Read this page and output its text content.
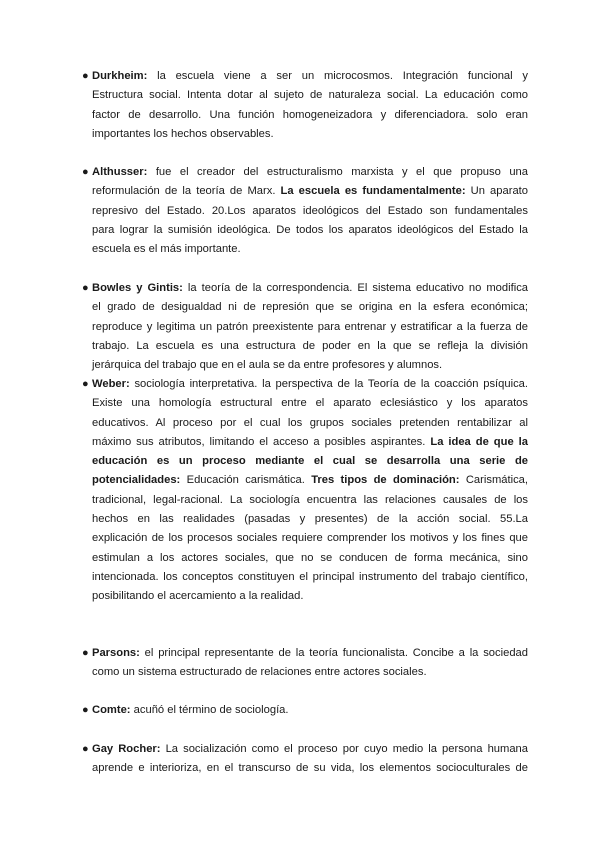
● Durkheim: la escuela viene a ser un microcosmos. Integración funcional y
Estructura social. Intenta dotar al sujeto de naturaleza social. La educación como
factor de desarrollo. Una función homogeneizadora y diferenciadora. solo eran
importantes los hechos observables.
● Althusser: fue el creador del estructuralismo marxista y el que propuso una
reformulación de la teoría de Marx. La escuela es fundamentalmente: Un aparato
represivo del Estado. 20.Los aparatos ideológicos del Estado son fundamentales
para lograr la sumisión ideológica. De todos los aparatos ideológicos del Estado la
escuela es el más importante.
● Bowles y Gintis: la teoría de la correspondencia. El sistema educativo no modifica
el grado de desigualdad ni de represión que se origina en la esfera económica;
reproduce y legitima un patrón preexistente para entrenar y estratificar a la fuerza de
trabajo. La escuela es una estructura de poder en la que se refleja la división
jerárquica del trabajo que en el aula se da entre profesores y alumnos.
● Weber: sociología interpretativa. la perspectiva de la Teoría de la coacción psíquica.
Existe una homología estructural entre el aparato eclesiástico y los aparatos
educativos. Al proceso por el cual los grupos sociales pretenden rentabilizar al
máximo sus atributos, limitando el acceso a posibles aspirantes. La idea de que la
educación es un proceso mediante el cual se desarrolla una serie de
potencialidades: Educación carismática. Tres tipos de dominación: Carismática,
tradicional, legal-racional. La sociología encuentra las relaciones causales de los
hechos en las realidades (pasadas y presentes) de la acción social. 55.La
explicación de los procesos sociales requiere comprender los motivos y los fines que
estimulan a los actores sociales, que no se conducen de forma mecánica, sino
intencionada. los conceptos constituyen el principal instrumento del trabajo científico,
posibilitando el acercamiento a la realidad.
● Parsons: el principal representante de la teoría funcionalista. Concibe a la sociedad
como un sistema estructurado de relaciones entre actores sociales.
● Comte: acuñó el término de sociología.
● Gay Rocher: La socialización como el proceso por cuyo medio la persona humana
aprende e interioriza, en el transcurso de su vida, los elementos socioculturales de
